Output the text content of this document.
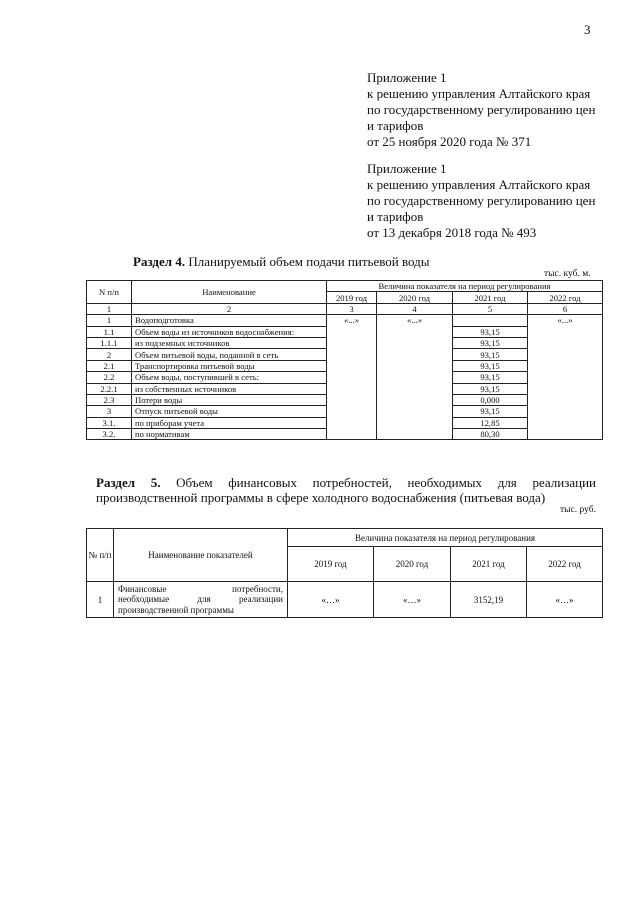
3
Приложение 1
к решению управления Алтайского края
по государственному регулированию цен
и тарифов
от 25 ноября 2020 года № 371
Приложение 1
к решению управления Алтайского края
по государственному регулированию цен
и тарифов
от 13 декабря 2018 года № 493
Раздел 4. Планируемый объем подачи питьевой воды
тыс. куб. м.
N п/п	Наименование	Величина показателя на период регулирования			
		2019 год	2020 год	2021 год	2022 год
1	2	3	4	5	6
1	Водоподготовка	«...»	«...»		«...»
1.1	Объем воды из источников водоснабжения:			93,15	
1.1.1	из подземных источников			93,15	
2	Объем питьевой воды, поданной в сеть			93,15	
2.1	Транспортировка питьевой воды			93,15	
2.2	Объем воды, поступившей в сеть:			93,15	
2.2.1	из собственных источников			93,15	
2.3	Потери воды			0,000	
3	Отпуск питьевой воды			93,15	
3.1.	по приборам учета			12,85	
3.2.	по нормативам			80,30	
Раздел 5. Объем финансовых потребностей, необходимых для реализации производственной программы в сфере холодного водоснабжения (питьевая вода)
тыс. руб.
№ п/п	Наименование показателей	Величина показателя на период регулирования			
		2019 год	2020 год	2021 год	2022 год
1	Финансовые потребности,
необходимые для реализации
производственной программы	«…»	«…»	3152,19	«…»
